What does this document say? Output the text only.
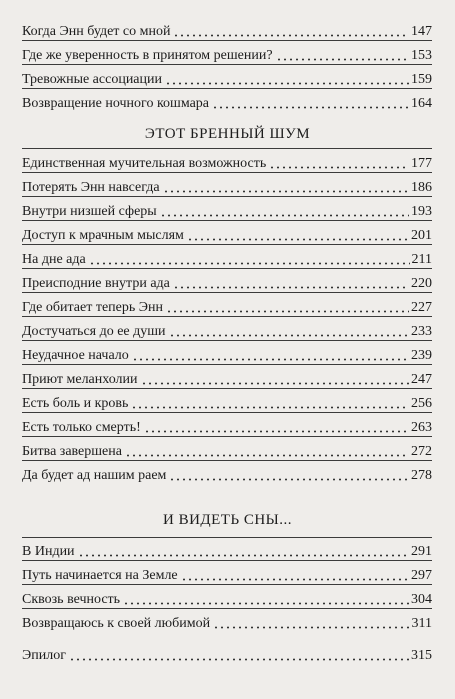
Когда Энн будет со мной	147
Где же уверенность в принятом решении?	153
Тревожные ассоциации	159
Возвращение ночного кошмара	164
ЭТОТ БРЕННЫЙ ШУМ
Единственная мучительная возможность	177
Потерять Энн навсегда	186
Внутри низшей сферы	193
Доступ к мрачным мыслям	201
На дне ада	211
Преисподние внутри ада	220
Где обитает теперь Энн	227
Достучаться до ее души	233
Неудачное начало	239
Приют меланхолии	247
Есть боль и кровь	256
Есть только смерть!	263
Битва завершена	272
Да будет ад нашим раем	278
И ВИДЕТЬ СНЫ...
В Индии	291
Путь начинается на Земле	297
Сквозь вечность	304
Возвращаюсь к своей любимой	311
Эпилог	315
